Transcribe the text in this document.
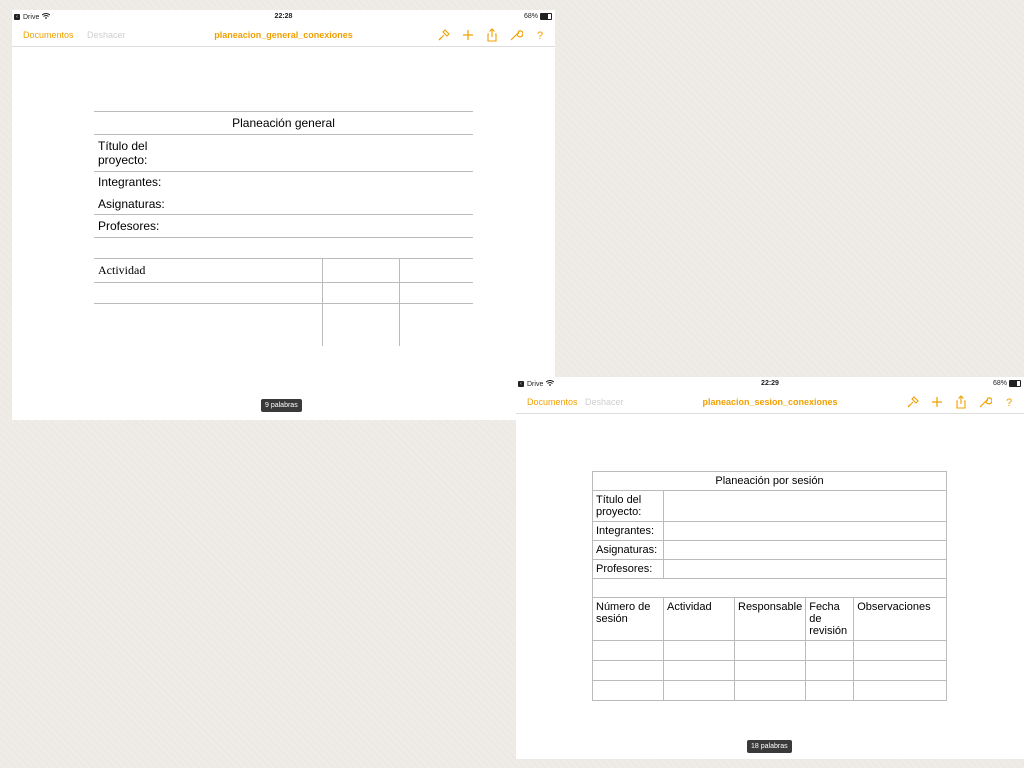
‹ Drive	22:28	68%
Documentos Deshacer	planeacion_general_conexiones	?
Planeación general		

Título del proyecto:		

Integrantes:
Asignaturas:		

Profesores:		

Actividad		

9 palabras
‹ Drive	22:29	68%
Documentos Deshacer	planeacion_sesion_conexiones	?
Planeación por sesión				
Título del proyecto:				
Integrantes:				
Asignaturas:				
Profesores:				

Número de sesión	Actividad	Responsable	Fecha de revisión	Observaciones

18 palabras
